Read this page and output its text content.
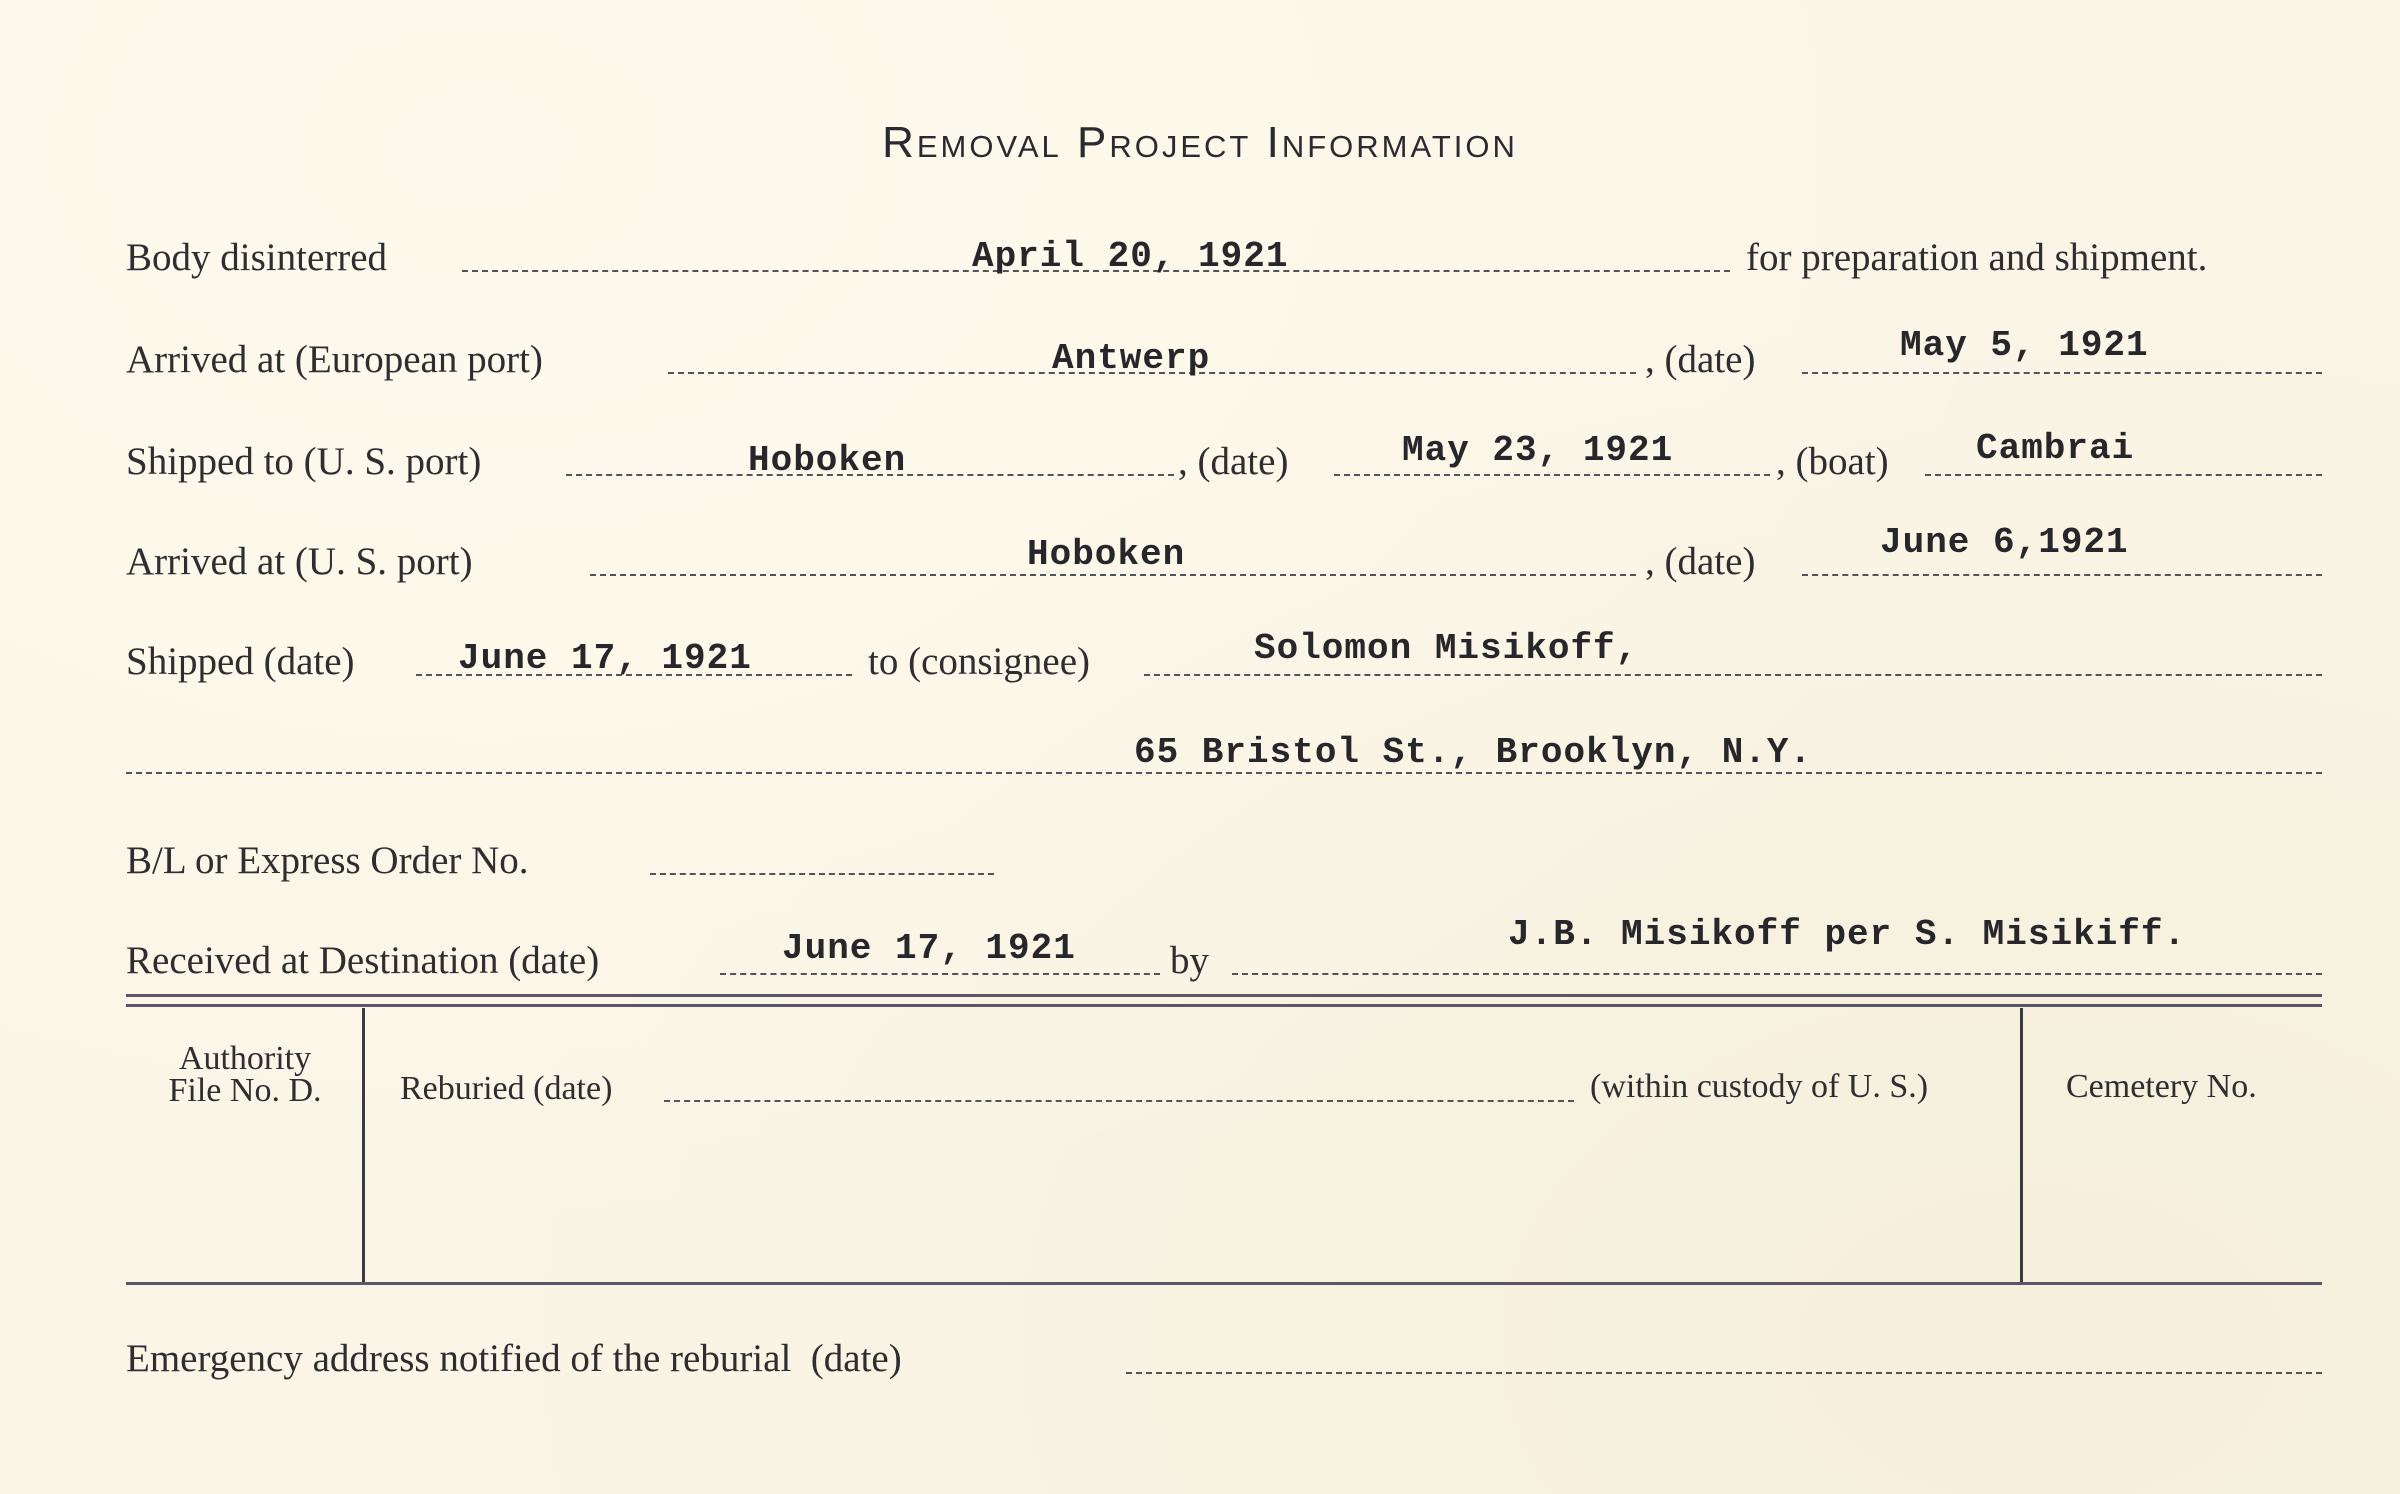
Removal Project Information
Body disinterred	April 20, 1921	for preparation and shipment.
Arrived at (European port)	Antwerp	, (date)	May 5, 1921
Shipped to (U. S. port)	Hoboken	, (date)	May 23, 1921	, (boat) Cambrai
Arrived at (U. S. port)	Hoboken	, (date)	June 6,1921
Shipped (date)	June 17, 1921	to (consignee)	Solomon Misikoff,
65 Bristol St., Brooklyn, N.Y.
B/L or Express Order No.
Received at Destination (date)	June 17, 1921 by
J.B. Misikoff per S. Misikiff.
Authority
File No. D.	Reburied (date)	(within custody of U. S.)	Cemetery No.
Emergency address notified of the reburial  (date)
